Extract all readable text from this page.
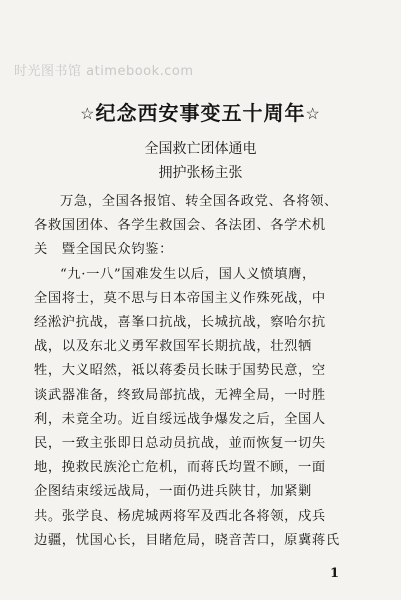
时光图书馆 atimebook.com
☆纪念西安事变五十周年☆
全国救亡团体通电
拥护张杨主张

万急，全国各报馆、转全国各政党、各将领、
各救国团体、各学生救国会、各法团、各学术机
关　暨全国民众钧鉴：

“九·一八”国难发生以后，国人义愤填膺，
全国将士，莫不思与日本帝国主义作殊死战，中
经淞沪抗战，喜峯口抗战，长城抗战，察哈尔抗
战，以及东北义勇军救国军长期抗战，壮烈牺
牲，大义昭然，祗以蒋委员长昧于国势民意，空
谈武器准备，终致局部抗战，无裨全局，一时胜
利，未竟全功。近自绥远战争爆发之后，全国人
民，一致主张即日总动员抗战，並而恢复一切失
地，挽救民族沦亡危机，而蒋氏均置不顾，一面
企图结束绥远战局，一面仍进兵陕甘，加紧剿
共。张学良、杨虎城两将军及西北各将领，戍兵
边疆，忧国心长，目睹危局，晓音苦口，原冀蒋氏

1
